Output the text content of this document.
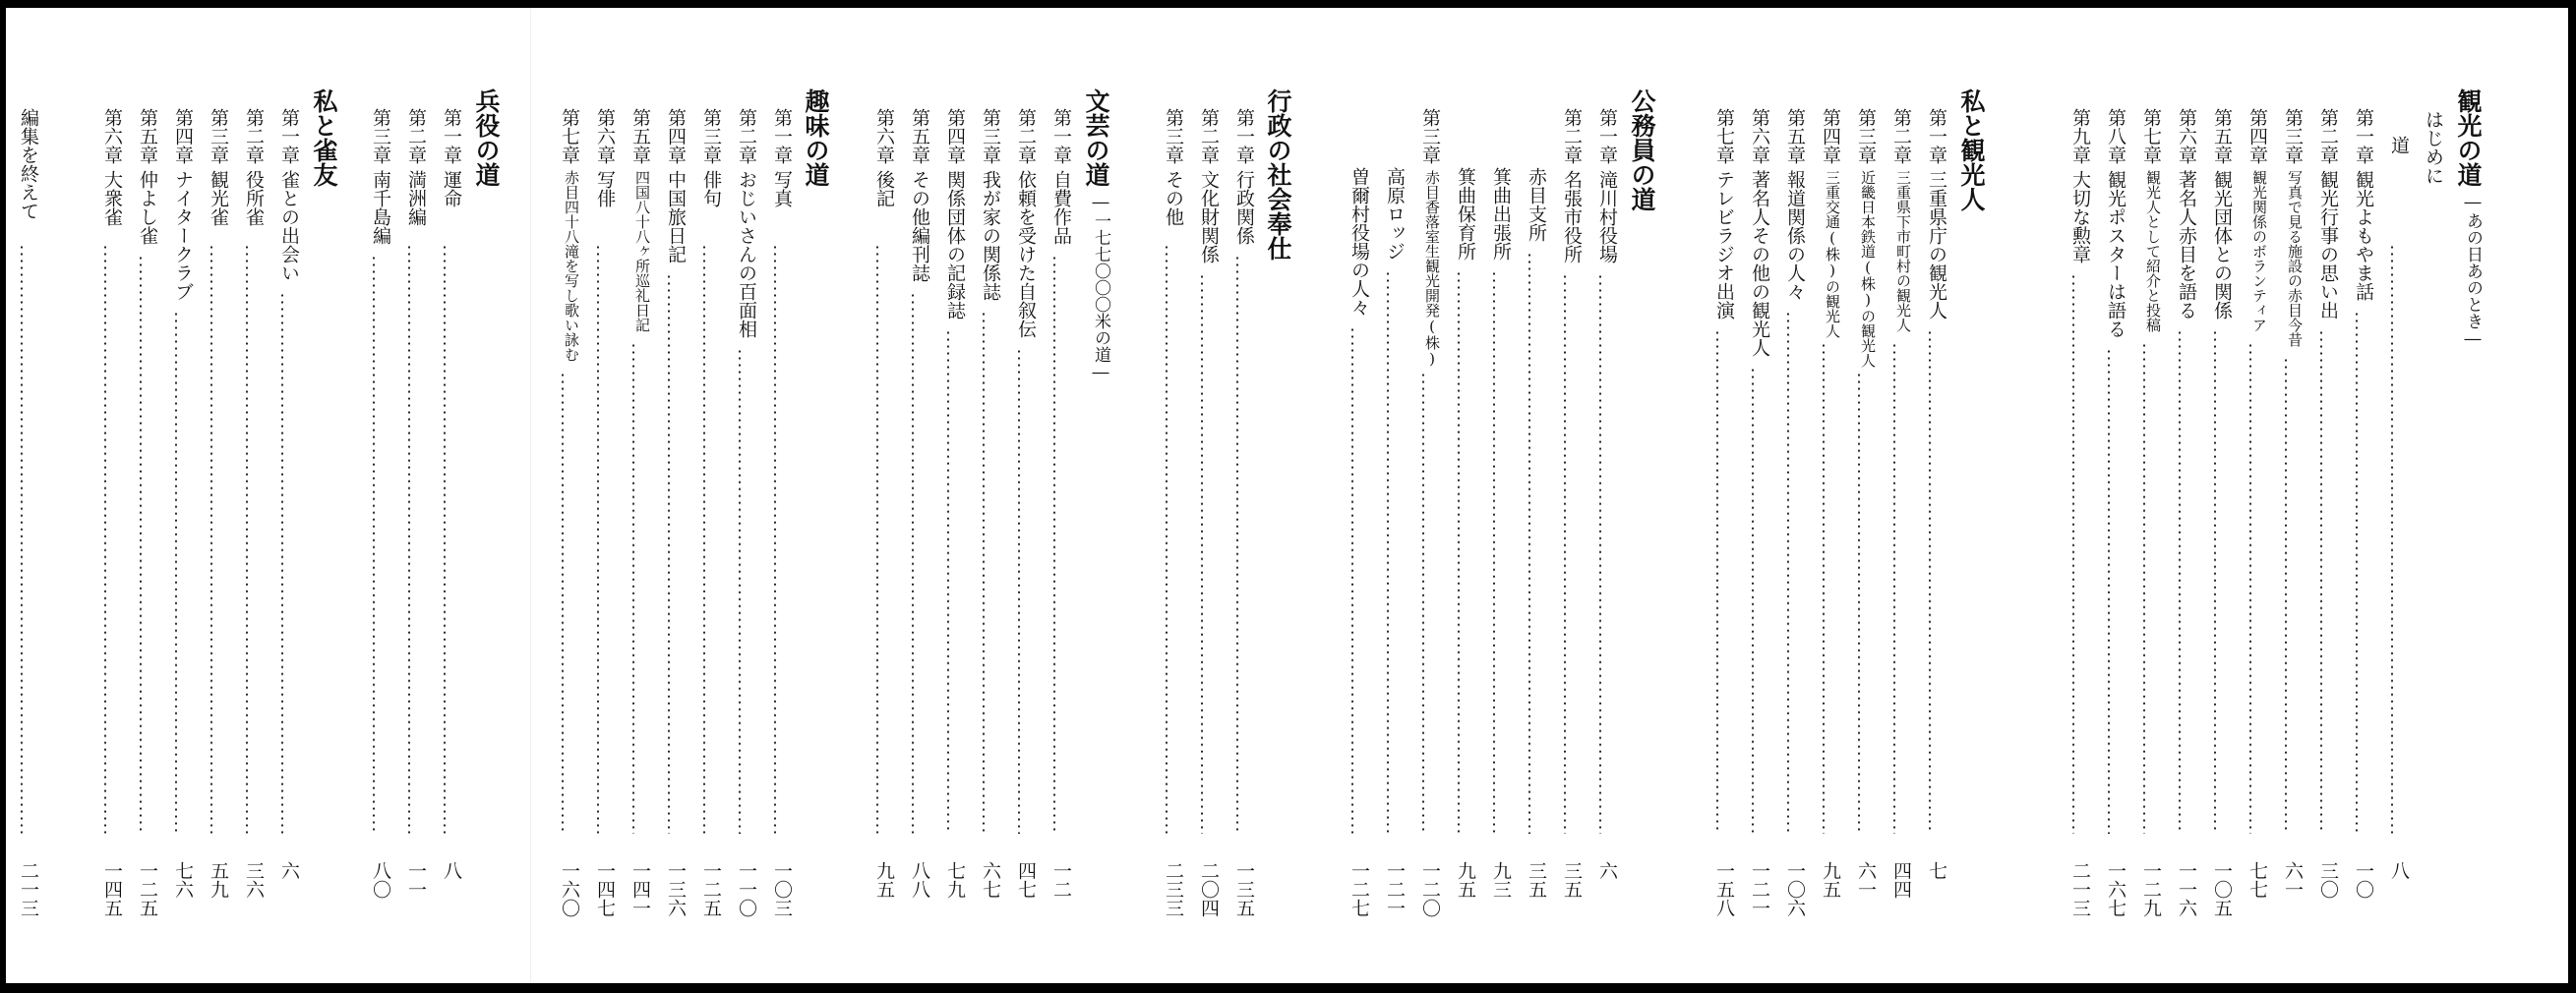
観光の道
―あの日あのとき―
はじめに
道
八
第一章
観光よもやま話
一〇
第二章
観光行事の思い出
三〇
第三章
写真で見る施設の赤目今昔
六一
第四章
観光関係のボランティア
七七
第五章
観光団体との関係
一〇五
第六章
著名人赤目を語る
一一六
第七章
観光人として紹介と投稿
一二九
第八章
観光ポスターは語る
一六七
第九章
大切な勲章
二一三
編集を終えて
二一三
私と観光人
第一章
三重県庁の観光人
七
第二章
三重県下市町村の観光人
四四
第三章
近畿日本鉄道(株)の観光人
六一
第四章
三重交通(株)の観光人
九五
第五章
報道関係の人々
一〇六
第六章
著名人その他の観光人
一二一
第七章
テレビラジオ出演
一五八
公務員の道
第一章
滝川村役場
六
第二章
名張市役所
三五
赤目支所
三五
箕曲出張所
九三
箕曲保育所
九五
第三章
赤目香落室生観光開発(株)
一二〇
高原ロッジ
一二一
曽爾村役場の人々
一二七
行政の社会奉仕
第一章
行政関係
一三五
第二章
文化財関係
二〇四
第三章
その他
二三三
文芸の道
―一七七〇〇〇米の道―
第一章
自費作品
一二
第二章
依頼を受けた自叙伝
四七
第三章
我が家の関係誌
六七
第四章
関係団体の記録誌
七九
第五章
その他編刊誌
八八
第六章
後記
九五
趣味の道
第一章
写真
一〇三
第二章
おじいさんの百面相
一一〇
第三章
俳句
一二五
第四章
中国旅日記
一三六
第五章
四国八十八ヶ所巡礼日記
一四一
第六章
写俳
一四七
第七章
赤目四十八滝を写し歌い詠む
一六〇
兵役の道
第一章
運命
八
第二章
満洲編
一一
第三章
南千島編
八〇
私と雀友
第一章
雀との出会い
六
第二章
役所雀
三六
第三章
観光雀
五九
第四章
ナイタークラブ
七六
第五章
仲よし雀
一二五
第六章
大衆雀
一四五
